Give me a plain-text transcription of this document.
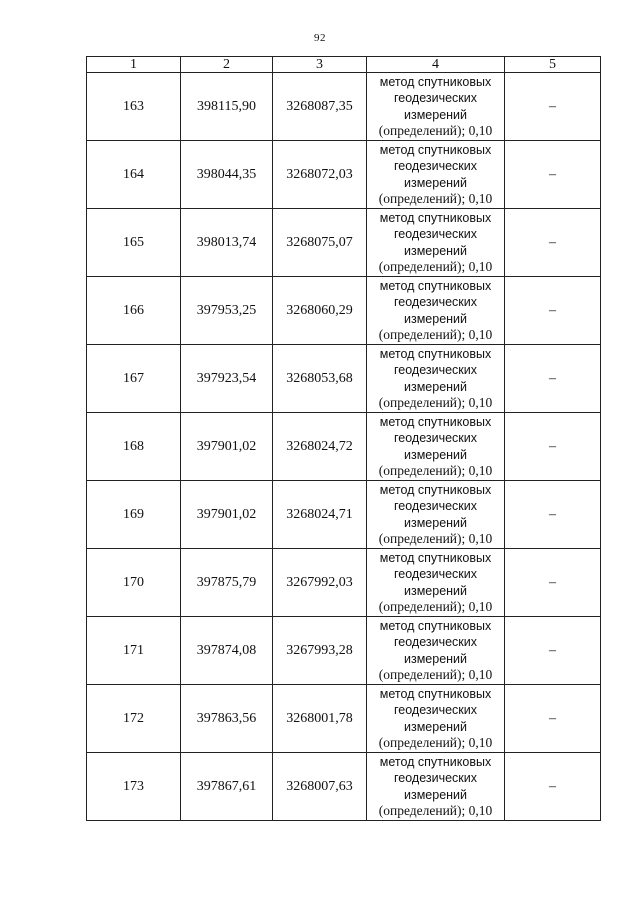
92
1	2	3	4	5
163	398115,90	3268087,35	метод спутниковых
геодезических
измерений
(определений); 0,10	–
164	398044,35	3268072,03	метод спутниковых
геодезических
измерений
(определений); 0,10	–
165	398013,74	3268075,07	метод спутниковых
геодезических
измерений
(определений); 0,10	–
166	397953,25	3268060,29	метод спутниковых
геодезических
измерений
(определений); 0,10	–
167	397923,54	3268053,68	метод спутниковых
геодезических
измерений
(определений); 0,10	–
168	397901,02	3268024,72	метод спутниковых
геодезических
измерений
(определений); 0,10	–
169	397901,02	3268024,71	метод спутниковых
геодезических
измерений
(определений); 0,10	–
170	397875,79	3267992,03	метод спутниковых
геодезических
измерений
(определений); 0,10	–
171	397874,08	3267993,28	метод спутниковых
геодезических
измерений
(определений); 0,10	–
172	397863,56	3268001,78	метод спутниковых
геодезических
измерений
(определений); 0,10	–
173	397867,61	3268007,63	метод спутниковых
геодезических
измерений
(определений); 0,10	–
